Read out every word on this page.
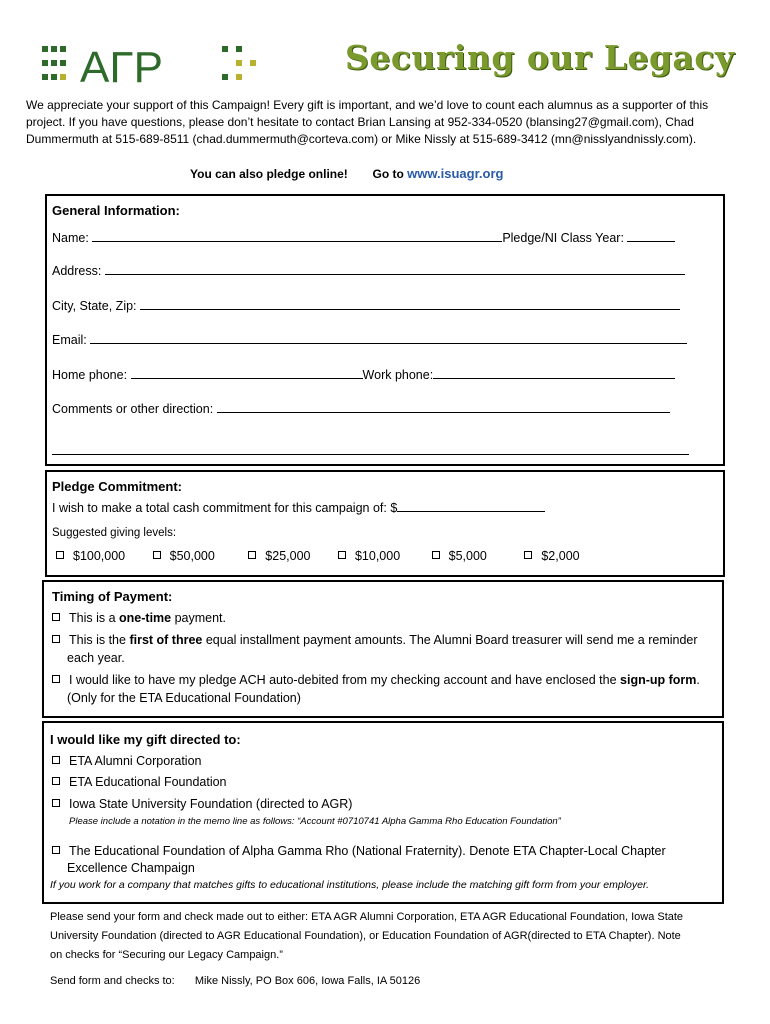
AΓP	Securing our Legacy
We appreciate your support of this Campaign! Every gift is important, and we’d love to count each alumnus as a supporter of this project. If you have questions, please don’t hesitate to contact Brian Lansing at 952-334-0520 (blansing27@gmail.com), Chad Dummermuth at 515-689-8511 (chad.dummermuth@corteva.com) or Mike Nissly at 515-689-3412 (mn@nisslyandnissly.com).
You can also pledge online! Go to www.isuagr.org
General Information:
Name:	Pledge/NI Class Year:
Address:
City, State, Zip:
Email:
Home phone:	Work phone:
Comments or other direction:
Pledge Commitment:
I wish to make a total cash commitment for this campaign of: $
Suggested giving levels:
$100,000	$50,000	$25,000	$10,000	$5,000	$2,000
Timing of Payment:
This is a one-time payment.
This is the first of three equal installment payment amounts. The Alumni Board treasurer will send me a reminder
each year.
I would like to have my pledge ACH auto-debited from my checking account and have enclosed the sign-up form.
(Only for the ETA Educational Foundation)
I would like my gift directed to:
ETA Alumni Corporation
ETA Educational Foundation
Iowa State University Foundation (directed to AGR)
Please include a notation in the memo line as follows: “Account #0710741 Alpha Gamma Rho Education Foundation”
The Educational Foundation of Alpha Gamma Rho (National Fraternity). Denote ETA Chapter-Local Chapter
Excellence Champaign
If you work for a company that matches gifts to educational institutions, please include the matching gift form from your employer.
Please send your form and check made out to either: ETA AGR Alumni Corporation, ETA AGR Educational Foundation, Iowa State
University Foundation (directed to AGR Educational Foundation), or Education Foundation of AGR(directed to ETA Chapter). Note
on checks for “Securing our Legacy Campaign.”
Send form and checks to: Mike Nissly, PO Box 606, Iowa Falls, IA 50126
